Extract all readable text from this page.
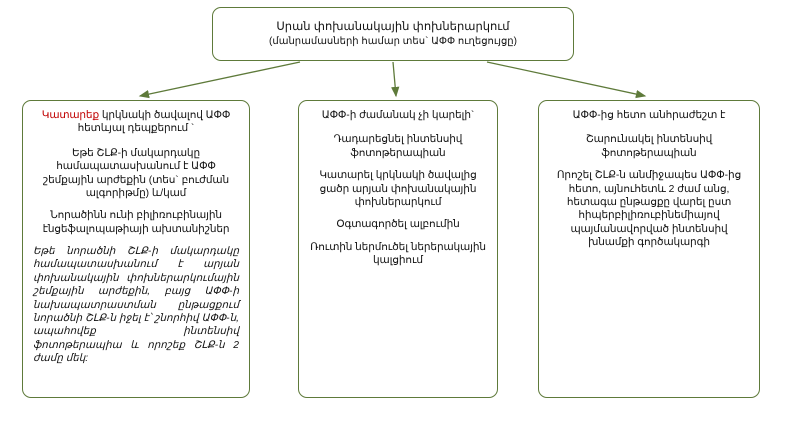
Սրան փոխանակային փոխներարկում
(մանրամասների համար տես` ԱՓՓ ուղեցույցը)

Կատարեք կրկնակի ծավալով ԱՓՓ հետևյալ դեպքերում `

Եթե ՇԼՔ-ի մակարդակը համապատասխանում է ԱՓՓ շեմքային արժեքին (տես` բուժման ալգորիթմը) և/կամ

Նորածինն ունի բիլիռուբինային էնցեֆալոպաթիայի ախտանիշներ

Եթե նորածնի ՇԼՔ-ի մակարդակը համապատասխանում է արյան փոխանակային փոխներարկումային շեմքային արժեքին, բայց ԱՓՓ-ի նախապատրաստման ընթացքում նորածնի ՇԼՔ-ն իջել է՝ շնորհիվ ԱՓՓ-ն, ապահովեք ինտենսիվ ֆոտոթերապիա և որոշեք ՇԼՔ-ն 2 ժամը մեկ:

ԱՓՓ-ի ժամանակ չի կարելի`

Դադարեցնել ինտենսիվ ֆոտոթերապիան

Կատարել կրկնակի ծավալից ցածր արյան փոխանակային փոխներարկում

Օգտագործել ալբումին

Ռուտին ներմուծել ներերակային կալցիում

ԱՓՓ-ից հետո անհրաժեշտ է

Շարունակել ինտենսիվ ֆոտոթերապիան

Որոշել ՇԼՔ-ն անմիջապես ԱՓՓ-ից հետո, այնուհետև 2 ժամ անց, հետագա ընթացքը վարել ըստ հիպերբիլիռուբինեմիայով պայմանավորված ինտենսիվ խնամքի գործակարգի
